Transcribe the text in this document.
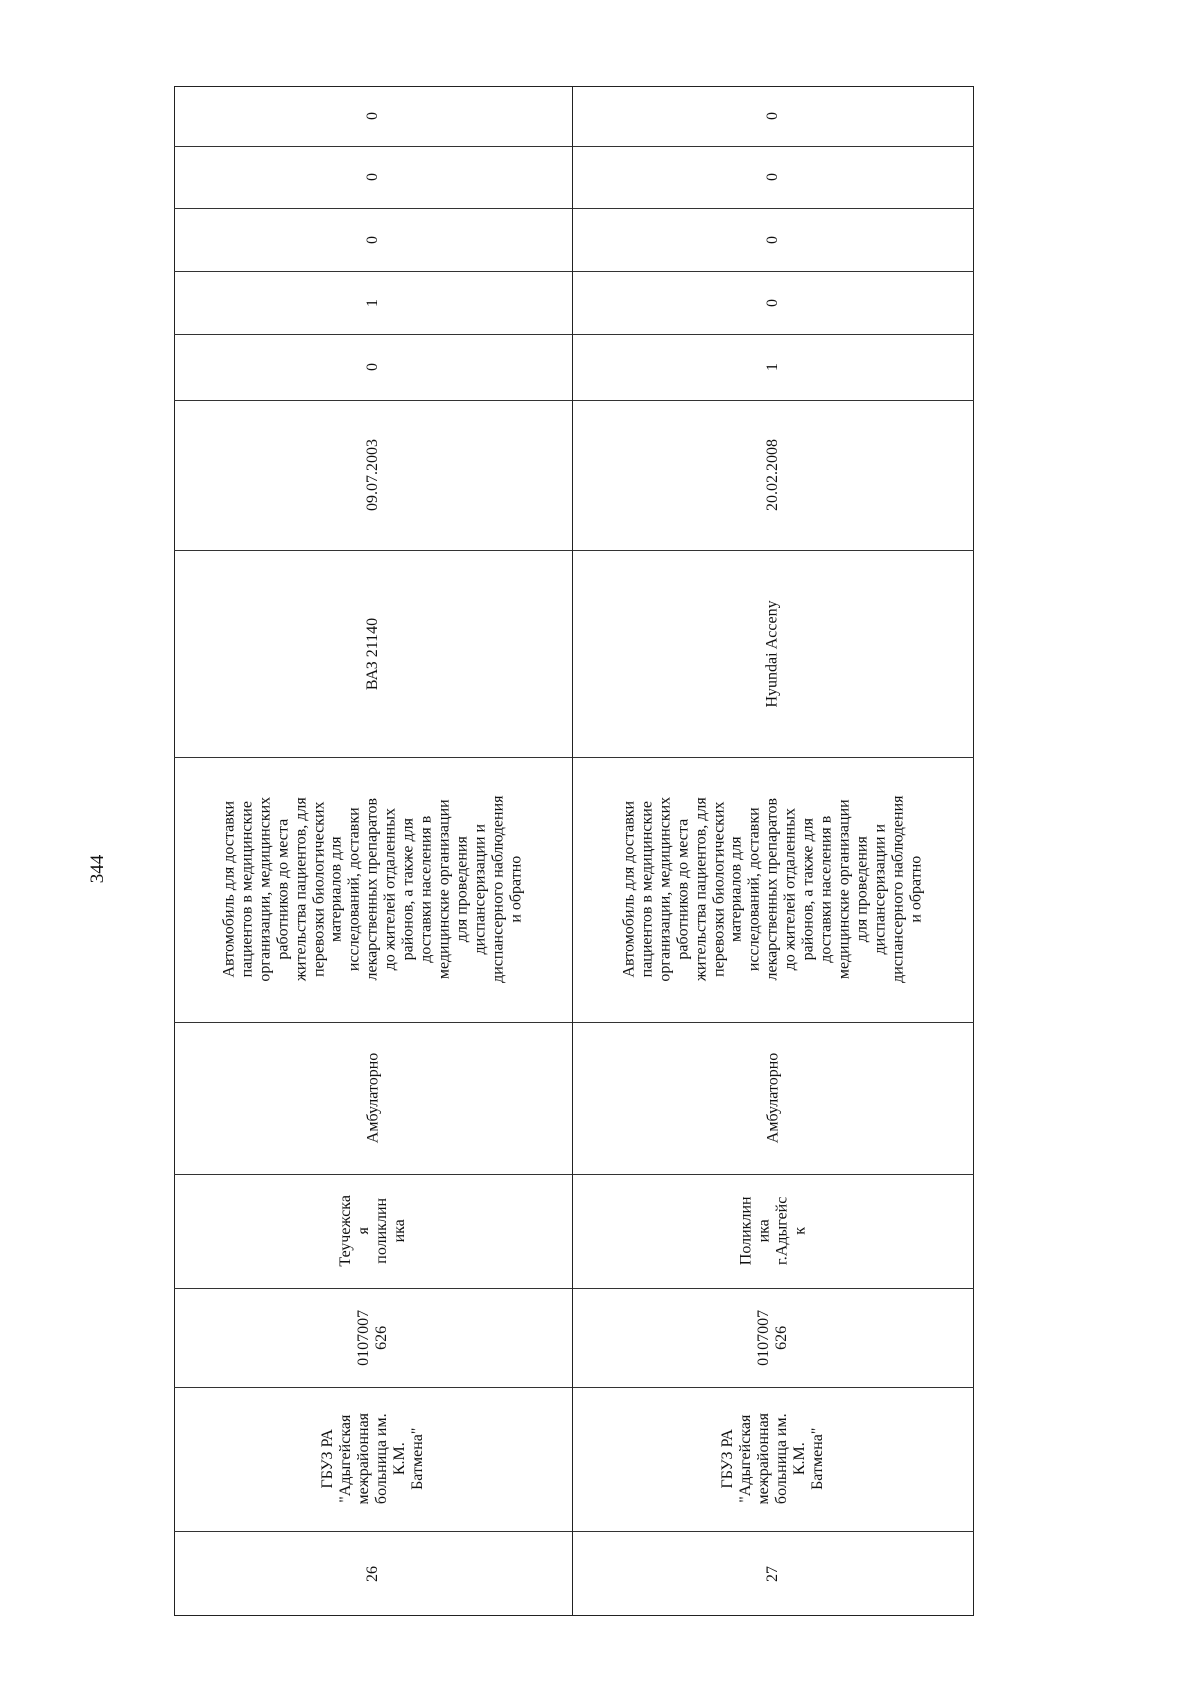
344
26
ГБУЗ РА
"Адыгейская
межрайонная
больница им.
К.М.
Батмена"
0107007
626
Теучежска
я
поликлин
ика
Амбулаторно
Автомобиль для доставки
пациентов в медицинские
организации, медицинских
работников до места
жительства пациентов, для
перевозки биологических
материалов для
исследований, доставки
лекарственных препаратов
до жителей отдаленных
районов, а также для
доставки населения в
медицинские организации
для проведения
диспансеризации и
диспансерного наблюдения
и обратно
ВАЗ 21140
09.07.2003
0
1
0
0
0
27
ГБУЗ РА
"Адыгейская
межрайонная
больница им.
К.М.
Батмена"
0107007
626
Поликлин
ика
г.Адыгейс
к
Амбулаторно
Автомобиль для доставки
пациентов в медицинские
организации, медицинских
работников до места
жительства пациентов, для
перевозки биологических
материалов для
исследований, доставки
лекарственных препаратов
до жителей отдаленных
районов, а также для
доставки населения в
медицинские организации
для проведения
диспансеризации и
диспансерного наблюдения
и обратно
Hyundai Acceny
20.02.2008
1
0
0
0
0
